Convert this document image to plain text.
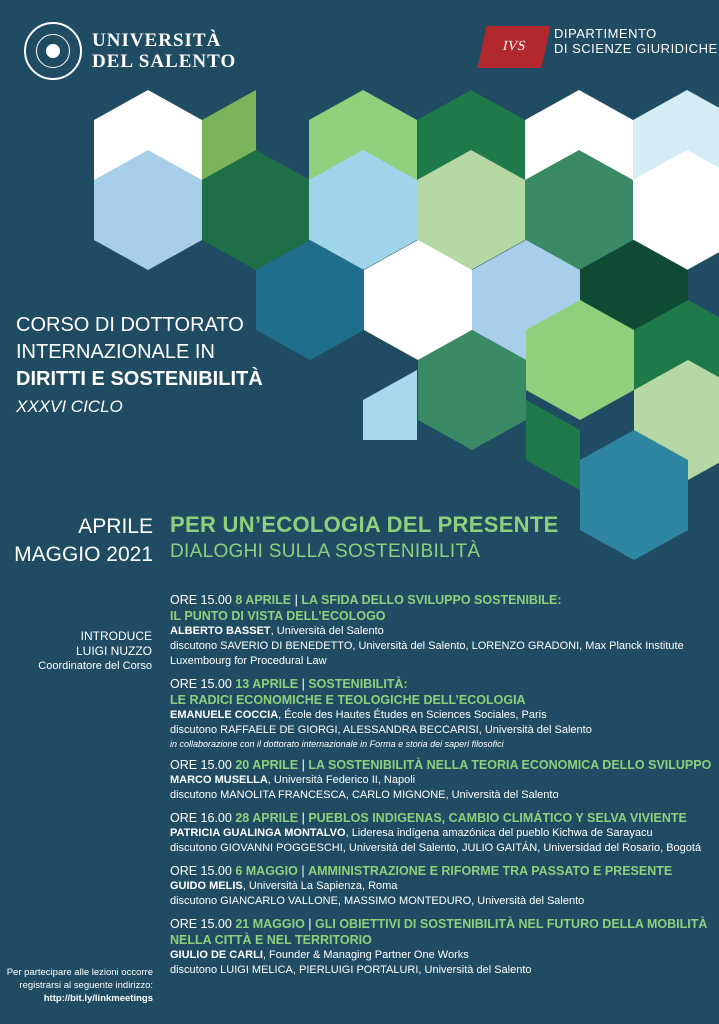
UNIVERSITÀ
DEL SALENTO
IVS
DIPARTIMENTO
DI SCIENZE GIURIDICHE
CORSO DI DOTTORATO
INTERNAZIONALE IN
DIRITTI E SOSTENIBILITÀ
XXXVI CICLO
APRILE
MAGGIO 2021
PER UN’ECOLOGIA DEL PRESENTE
DIALOGHI SULLA SOSTENIBILITÀ
INTRODUCE
LUIGI NUZZO
Coordinatore del Corso
ORE 15.00 8 APRILE | LA SFIDA DELLO SVILUPPO SOSTENIBILE:
IL PUNTO DI VISTA DELL’ECOLOGO
ALBERTO BASSET, Università del Salento
discutono SAVERIO DI BENEDETTO, Università del Salento, LORENZO GRADONI, Max Planck Institute Luxembourg for Procedural Law
ORE 15.00 13 APRILE | SOSTENIBILITÀ:
LE RADICI ECONOMICHE E TEOLOGICHE DELL’ECOLOGIA
EMANUELE COCCIA, École des Hautes Études en Sciences Sociales, Paris
discutono RAFFAELE DE GIORGI, ALESSANDRA BECCARISI, Università del Salento
in collaborazione con il dottorato internazionale in Forma e storia dei saperi filosofici
ORE 15.00 20 APRILE | LA SOSTENIBILITÀ NELLA TEORIA ECONOMICA DELLO SVILUPPO
MARCO MUSELLA, Università Federico II, Napoli
discutono MANOLITA FRANCESCA, CARLO MIGNONE, Università del Salento
ORE 16.00 28 APRILE | PUEBLOS INDIGENAS, CAMBIO CLIMÁTICO Y SELVA VIVIENTE
PATRICIA GUALINGA MONTALVO, Lideresa indígena amazónica del pueblo Kichwa de Sarayacu
discutono GIOVANNI POGGESCHI, Università del Salento, JULIO GAITÁN, Universidad del Rosario, Bogotá
ORE 15.00 6 MAGGIO | AMMINISTRAZIONE E RIFORME TRA PASSATO E PRESENTE
GUIDO MELIS, Università La Sapienza, Roma
discutono GIANCARLO VALLONE, MASSIMO MONTEDURO, Università del Salento
ORE 15.00 21 MAGGIO | GLI OBIETTIVI DI SOSTENIBILITÀ NEL FUTURO DELLA MOBILITÀ
NELLA CITTÀ E NEL TERRITORIO
GIULIO DE CARLI, Founder & Managing Partner One Works
discutono LUIGI MELICA, PIERLUIGI PORTALURI, Università del Salento
Per partecipare alle lezioni occorre
registrarsi al seguente indirizzo:
http://bit.ly/linkmeetings
